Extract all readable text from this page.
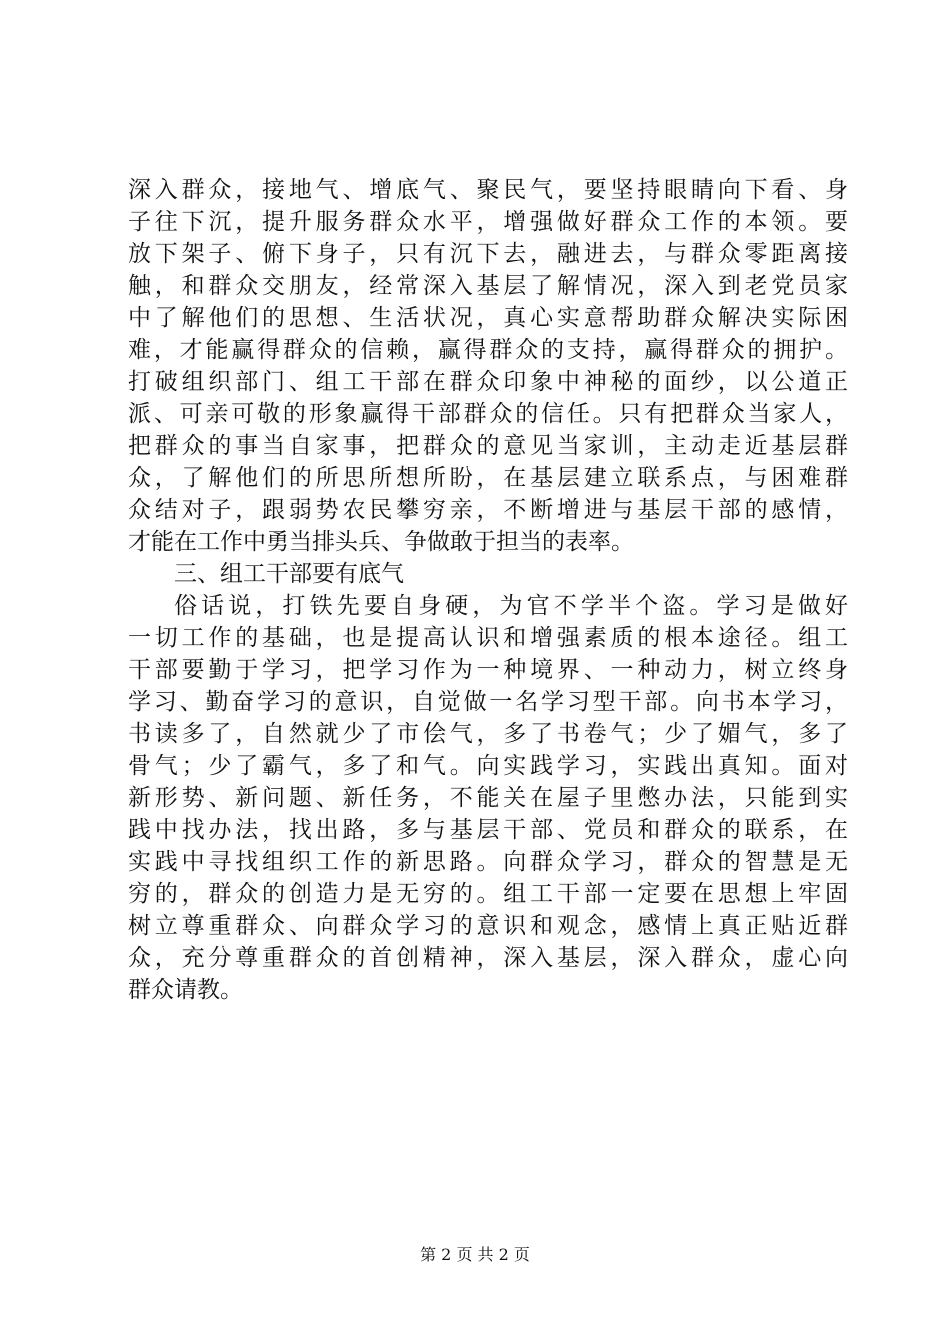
深入群众，接地气、增底气、聚民气，要坚持眼睛向下看、身
子往下沉，提升服务群众水平，增强做好群众工作的本领。要
放下架子、俯下身子，只有沉下去，融进去，与群众零距离接
触，和群众交朋友，经常深入基层了解情况，深入到老党员家
中了解他们的思想、生活状况，真心实意帮助群众解决实际困
难，才能赢得群众的信赖，赢得群众的支持，赢得群众的拥护。
打破组织部门、组工干部在群众印象中神秘的面纱，以公道正
派、可亲可敬的形象赢得干部群众的信任。只有把群众当家人，
把群众的事当自家事，把群众的意见当家训，主动走近基层群
众，了解他们的所思所想所盼，在基层建立联系点，与困难群
众结对子，跟弱势农民攀穷亲，不断增进与基层干部的感情，
才能在工作中勇当排头兵、争做敢于担当的表率。
三、组工干部要有底气
俗话说，打铁先要自身硬，为官不学半个盗。学习是做好
一切工作的基础，也是提高认识和增强素质的根本途径。组工
干部要勤于学习，把学习作为一种境界、一种动力，树立终身
学习、勤奋学习的意识，自觉做一名学习型干部。向书本学习，
书读多了，自然就少了市侩气，多了书卷气；少了媚气，多了
骨气；少了霸气，多了和气。向实践学习，实践出真知。面对
新形势、新问题、新任务，不能关在屋子里憋办法，只能到实
践中找办法，找出路，多与基层干部、党员和群众的联系，在
实践中寻找组织工作的新思路。向群众学习，群众的智慧是无
穷的，群众的创造力是无穷的。组工干部一定要在思想上牢固
树立尊重群众、向群众学习的意识和观念，感情上真正贴近群
众，充分尊重群众的首创精神，深入基层，深入群众，虚心向
群众请教。
第 2 页 共 2 页
